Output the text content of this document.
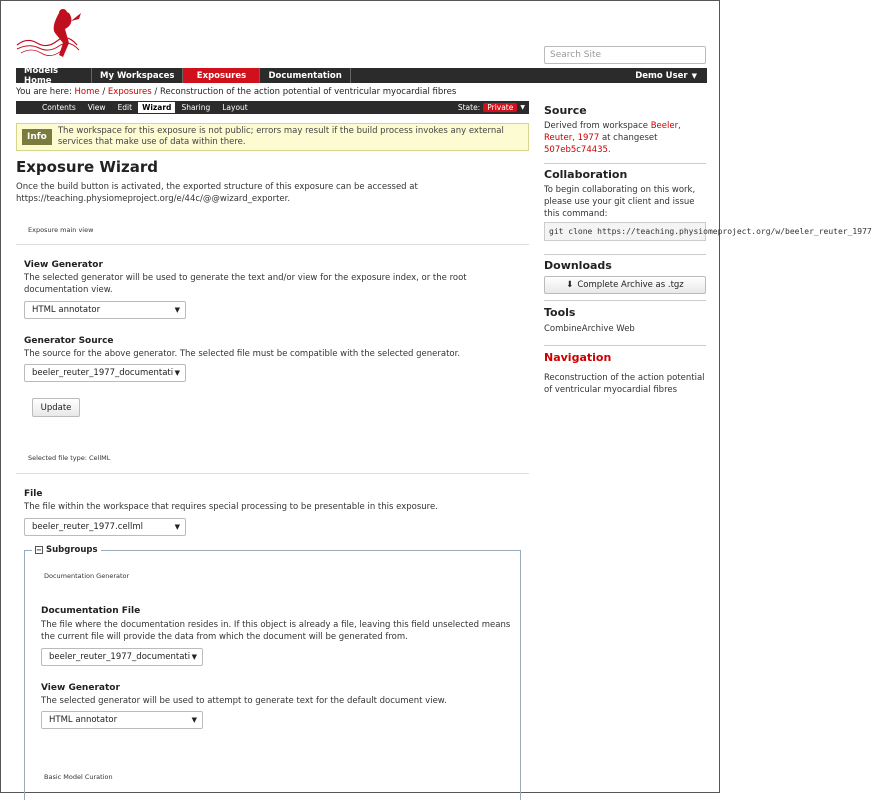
Search Site
Models Home	My Workspaces	Exposures	Documentation	Demo User ▼
You are here: Home / Exposures / Reconstruction of the action potential of ventricular myocardial fibres
Contents	View	Edit	Wizard	Sharing	Layout	State: Private	▼
Info
The workspace for this exposure is not public; errors may result if the build process invokes any external services that make use of data within there.
Exposure Wizard
Once the build button is activated, the exported structure of this exposure can be accessed at
https://teaching.physiomeproject.org/e/44c/@@wizard_exporter.
Exposure main view
View Generator
The selected generator will be used to generate the text and/or view for the exposure index, or the root documentation view.
HTML annotator	▼
Generator Source
The source for the above generator. The selected file must be compatible with the selected generator.
beeler_reuter_1977_documentati ▼
Update
Selected file type: CellML
File
The file within the workspace that requires special processing to be presentable in this exposure.
beeler_reuter_1977.cellml	▼
− Subgroups
Documentation Generator
Documentation File
The file where the documentation resides in. If this object is already a file, leaving this field unselected means the current file will provide the data from which the document will be generated from.
beeler_reuter_1977_documentati ▼
View Generator
The selected generator will be used to attempt to generate text for the default document view.
HTML annotator	▼
Basic Model Curation
Source
Derived from workspace Beeler, Reuter, 1977 at changeset 507eb5c74435.
Collaboration
To begin collaborating on this work, please use your git client and issue this command:
git clone https://teaching.physiomeproject.org/w/beeler_reuter_1977
Downloads
⬇ Complete Archive as .tgz
Tools
CombineArchive Web
Navigation
Reconstruction of the action potential of ventricular myocardial fibres
